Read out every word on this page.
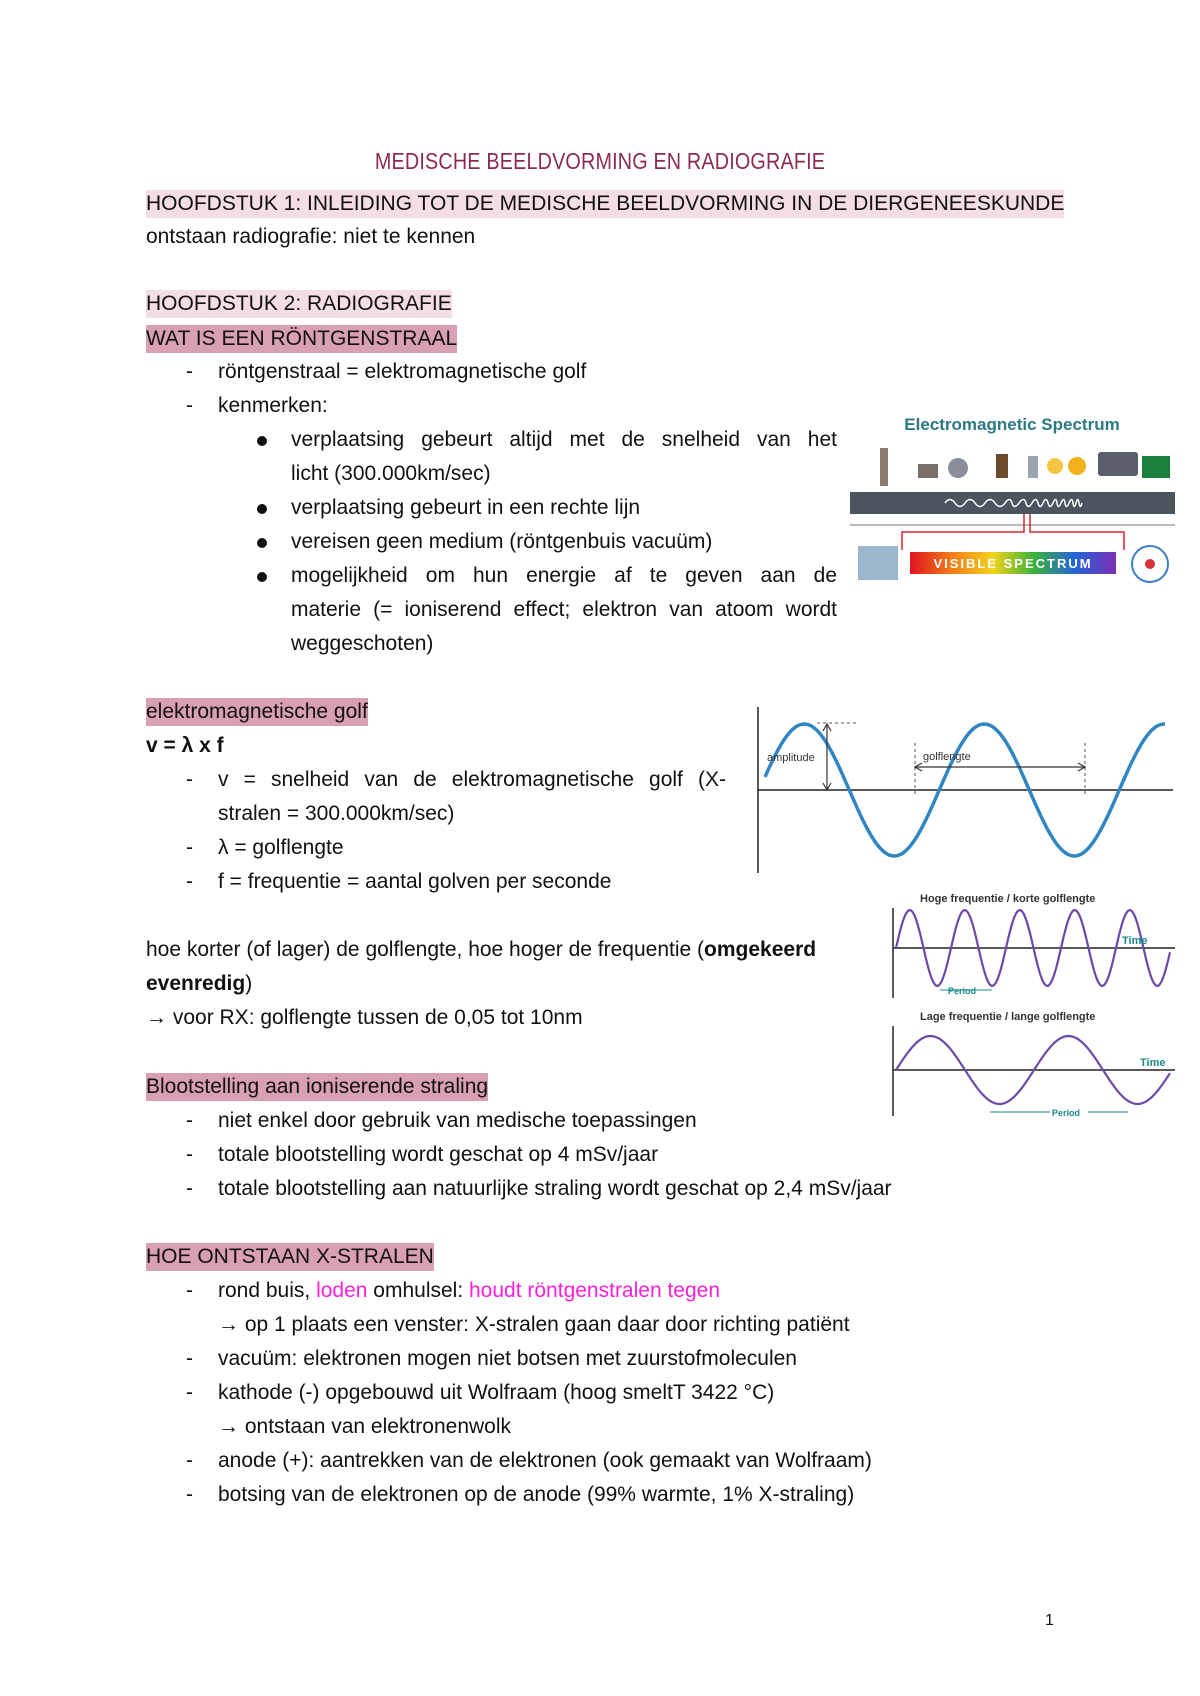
MEDISCHE BEELDVORMING EN RADIOGRAFIE
HOOFDSTUK 1: INLEIDING TOT DE MEDISCHE BEELDVORMING IN DE DIERGENEESKUNDE
ontstaan radiografie: niet te kennen
HOOFDSTUK 2: RADIOGRAFIE
WAT IS EEN RÖNTGENSTRAAL
- röntgenstraal = elektromagnetische golf
- kenmerken:
verplaatsing gebeurt altijd met de snelheid van het
licht (300.000km/sec)
verplaatsing gebeurt in een rechte lijn
vereisen geen medium (röntgenbuis vacuüm)
mogelijkheid om hun energie af te geven aan de
materie (= ioniserend effect; elektron van atoom wordt
weggeschoten)
Electromagnetic Spectrum
VISIBLE SPECTRUM
elektromagnetische golf
v = λ x f
- v = snelheid van de elektromagnetische golf (X-
stralen = 300.000km/sec)
- λ = golflengte
- f = frequentie = aantal golven per seconde
amplitude	golflengte
Hoge frequentie / korte golflengte
Time
Period
Lage frequentie / lange golflengte
Time
Period
hoe korter (of lager) de golflengte, hoe hoger de frequentie (omgekeerd
evenredig)
→ voor RX: golflengte tussen de 0,05 tot 10nm
Blootstelling aan ioniserende straling
- niet enkel door gebruik van medische toepassingen
- totale blootstelling wordt geschat op 4 mSv/jaar
- totale blootstelling aan natuurlijke straling wordt geschat op 2,4 mSv/jaar
HOE ONTSTAAN X-STRALEN
- rond buis, loden omhulsel: houdt röntgenstralen tegen
→ op 1 plaats een venster: X-stralen gaan daar door richting patiënt
- vacuüm: elektronen mogen niet botsen met zuurstofmoleculen
- kathode (-) opgebouwd uit Wolfraam (hoog smeltT 3422 °C)
→ ontstaan van elektronenwolk
- anode (+): aantrekken van de elektronen (ook gemaakt van Wolfraam)
- botsing van de elektronen op de anode (99% warmte, 1% X-straling)
1
